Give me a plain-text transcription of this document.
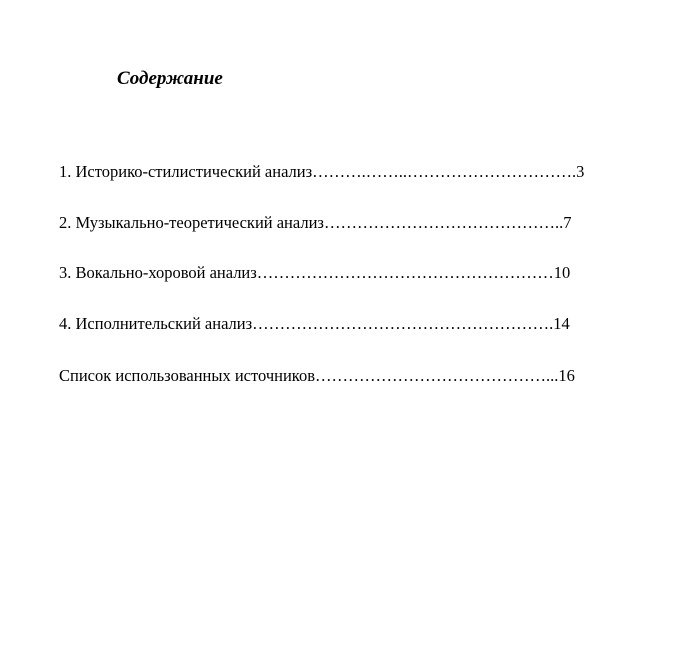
Содержание
1. Историко-стилистический анализ……….……..………………………….3
2. Музыкально-теоретический анализ……………………………………..7
3. Вокально-хоровой анализ………………………………………………10
4. Исполнительский анализ……………………………………………….14
Список использованных источников……………………………………...16
